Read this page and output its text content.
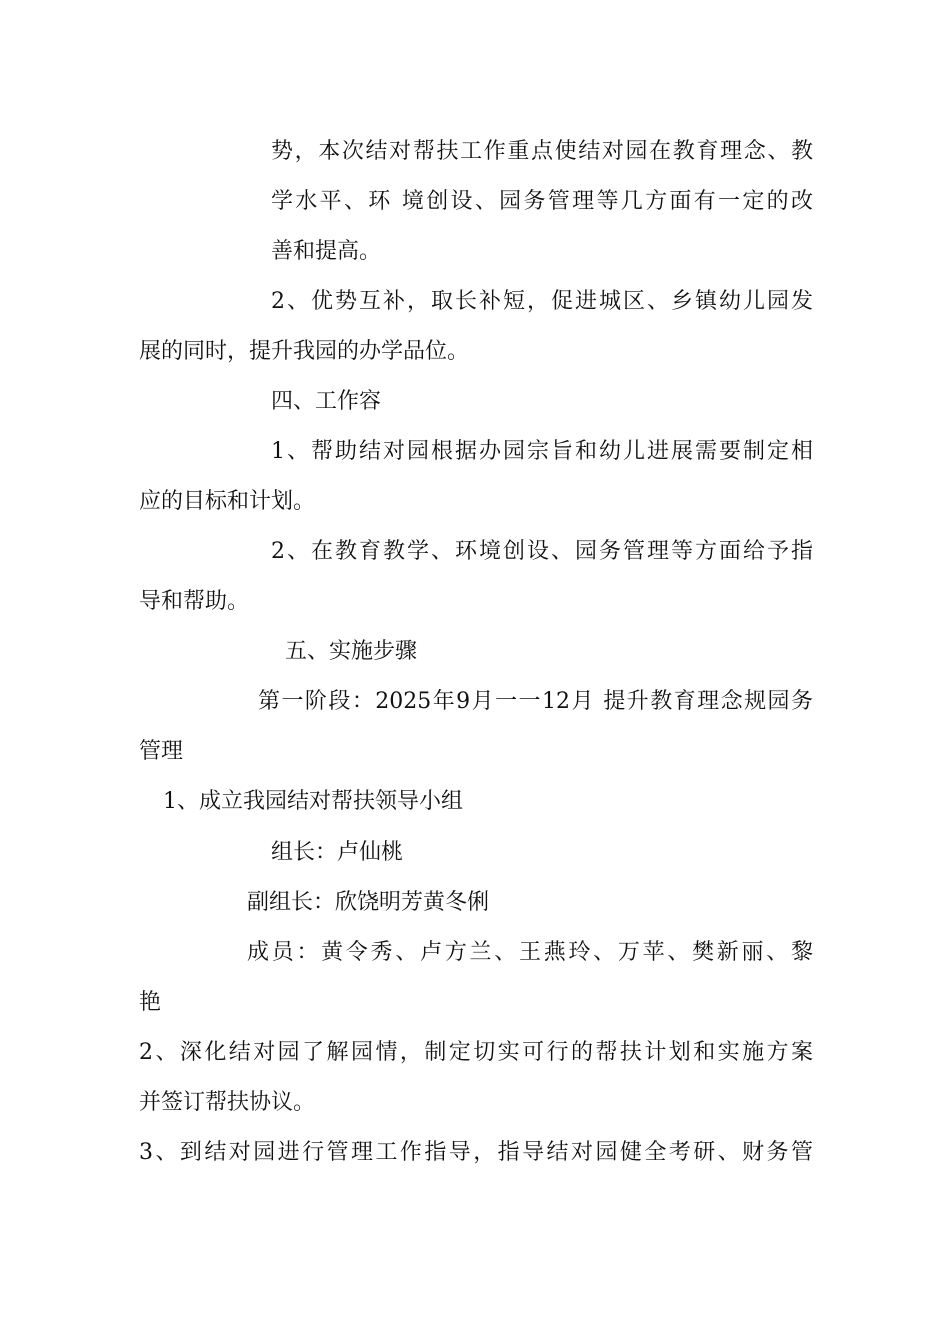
势，本次结对帮扶工作重点使结对园在教育理念、教
学水平、环 境创设、园务管理等几方面有一定的改
善和提高。
2、优势互补，取长补短，促进城区、乡镇幼儿园发
展的同时，提升我园的办学品位。
四、工作容
1、帮助结对园根据办园宗旨和幼儿进展需要制定相
应的目标和计划。
2、在教育教学、环境创设、园务管理等方面给予指
导和帮助。
五、实施步骤
第一阶段：2025年9月一一12月 提升教育理念规园务
管理
1、成立我园结对帮扶领导小组
组长：卢仙桃
副组长：欣饶明芳黄冬俐
成员：黄令秀、卢方兰、王燕玲、万苹、樊新丽、黎
艳
2、深化结对园了解园情，制定切实可行的帮扶计划和实施方案
并签订帮扶协议。
3、到结对园进行管理工作指导，指导结对园健全考研、财务管
